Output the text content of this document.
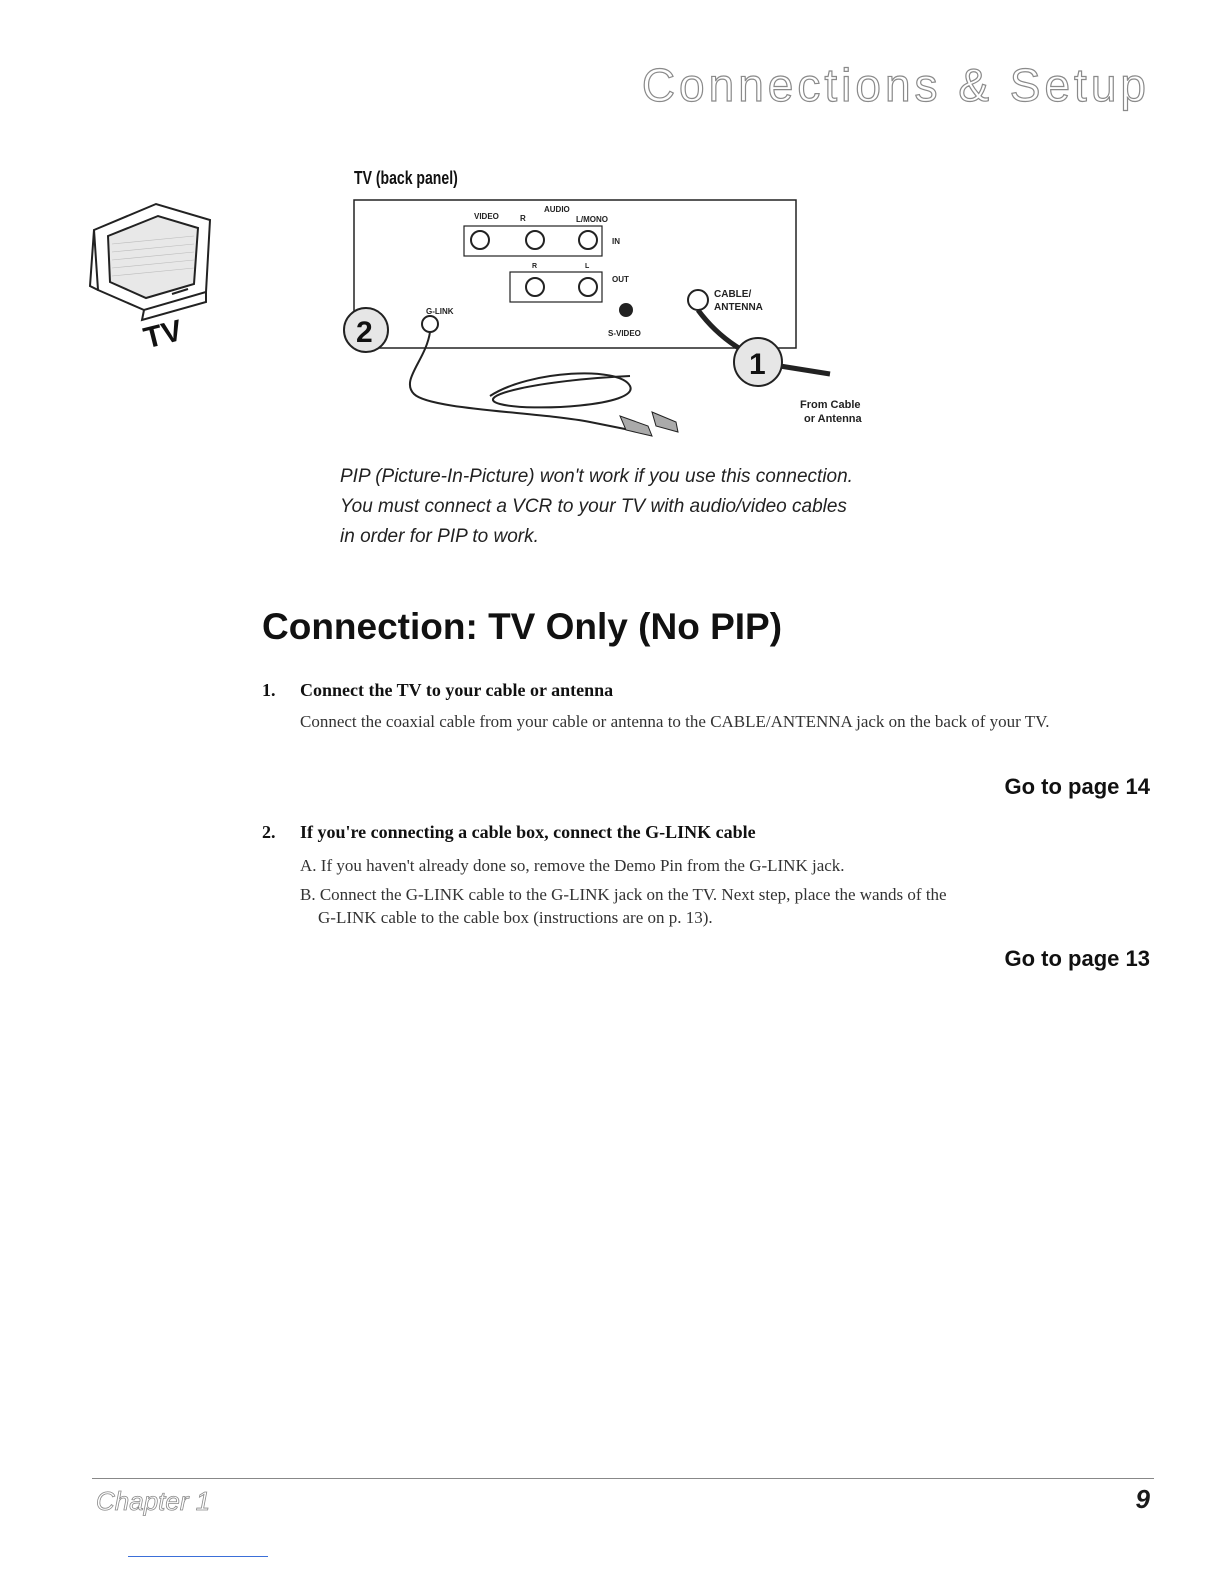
Connections & Setup
TV
TV (back panel)
VIDEO
AUDIO
R	L/MONO
IN
R	L
OUT
G-LINK
S-VIDEO
CABLE/
ANTENNA
From Cable
or Antenna
2
1
PIP (Picture-In-Picture) won't work if you use this connection. You must connect a VCR to your TV with audio/video cables in order for PIP to work.
Connection: TV Only (No PIP)
1. Connect the TV to your cable or antenna
Connect the coaxial cable from your cable or antenna to the CABLE/ANTENNA jack on the back of your TV.
Go to page 14
2. If you're connecting a cable box, connect the G-LINK cable
A. If you haven't already done so, remove the Demo Pin from the G-LINK jack.
B. Connect the G-LINK cable to the G-LINK jack on the TV. Next step, place the wands of the
G-LINK cable to the cable box (instructions are on p. 13).
Go to page 13
Chapter 1	9
